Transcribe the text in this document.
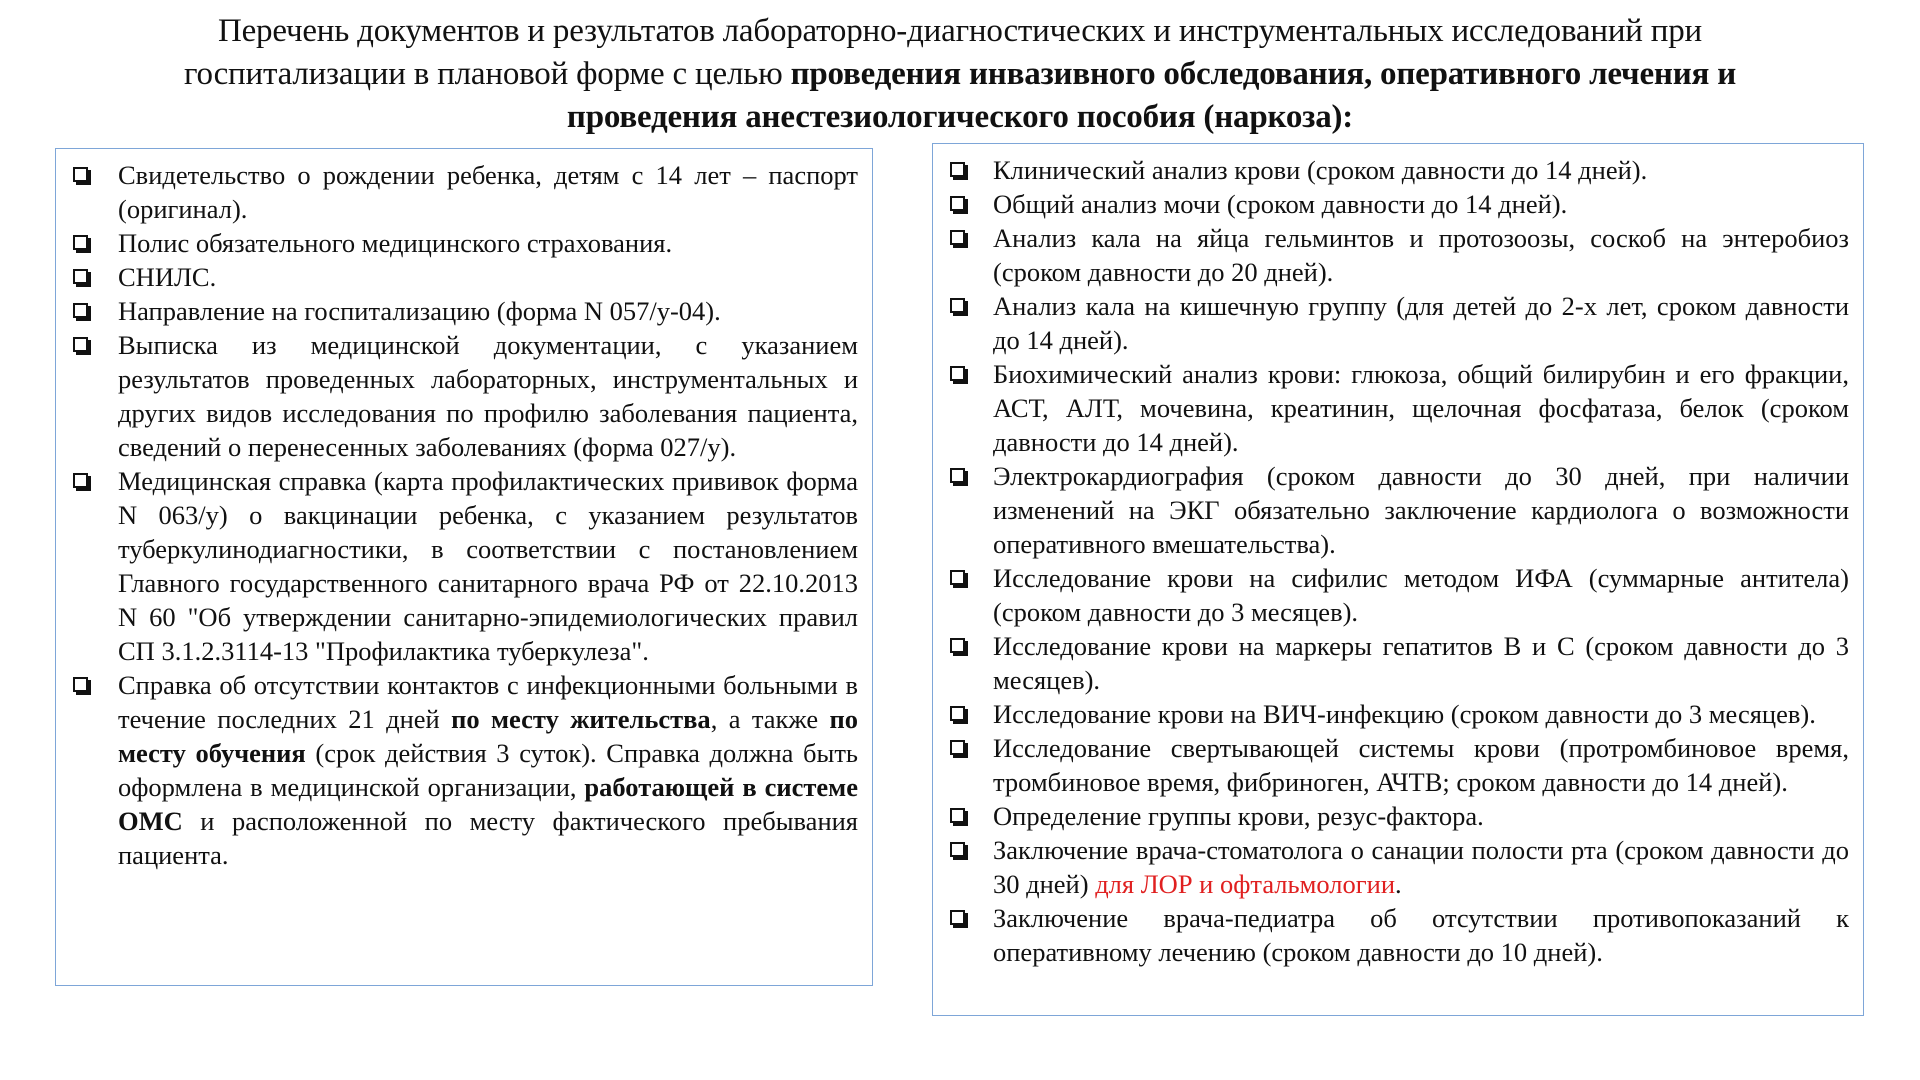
Перечень документов и результатов лабораторно-диагностических и инструментальных исследований при
госпитализации в плановой форме с целью проведения инвазивного обследования, оперативного лечения и
проведения анестезиологического пособия (наркоза):
Свидетельство о рождении ребенка, детям с 14 лет – паспорт (оригинал).
Полис обязательного медицинского страхования.
СНИЛС.
Направление на госпитализацию (форма N 057/у-04).
Выписка из медицинской документации, с указанием результатов проведенных лабораторных, инструментальных и других видов исследования по профилю заболевания пациента, сведений о перенесенных заболеваниях (форма 027/у).
Медицинская справка (карта профилактических прививок форма N 063/у) о вакцинации ребенка, с указанием результатов туберкулинодиагностики, в соответствии с постановлением Главного государственного санитарного врача РФ от 22.10.2013 N 60 "Об утверждении санитарно-эпидемиологических правил СП 3.1.2.3114-13 "Профилактика туберкулеза".
Справка об отсутствии контактов с инфекционными больными в течение последних 21 дней по месту жительства, а также по месту обучения (срок действия 3 суток). Справка должна быть оформлена в медицинской организации, работающей в системе ОМС и расположенной по месту фактического пребывания пациента.
Клинический анализ крови (сроком давности до 14 дней).
Общий анализ мочи (сроком давности до 14 дней).
Анализ кала на яйца гельминтов и протозоозы, соскоб на энтеробиоз (сроком давности до 20 дней).
Анализ кала на кишечную группу (для детей до 2-х лет, сроком давности до 14 дней).
Биохимический анализ крови: глюкоза, общий билирубин и его фракции, АСТ, АЛТ, мочевина, креатинин, щелочная фосфатаза, белок (сроком давности до 14 дней).
Электрокардиография (сроком давности до 30 дней, при наличии изменений на ЭКГ обязательно заключение кардиолога о возможности оперативного вмешательства).
Исследование крови на сифилис методом ИФА (суммарные антитела) (сроком давности до 3 месяцев).
Исследование крови на маркеры гепатитов В и С (сроком давности до 3 месяцев).
Исследование крови на ВИЧ-инфекцию (сроком давности до 3 месяцев).
Исследование свертывающей системы крови (протромбиновое время, тромбиновое время, фибриноген, АЧТВ; сроком давности до 14 дней).
Определение группы крови, резус-фактора.
Заключение врача-стоматолога о санации полости рта (сроком давности до 30 дней) для ЛОР и офтальмологии.
Заключение врача-педиатра об отсутствии противопоказаний к оперативному лечению (сроком давности до 10 дней).
